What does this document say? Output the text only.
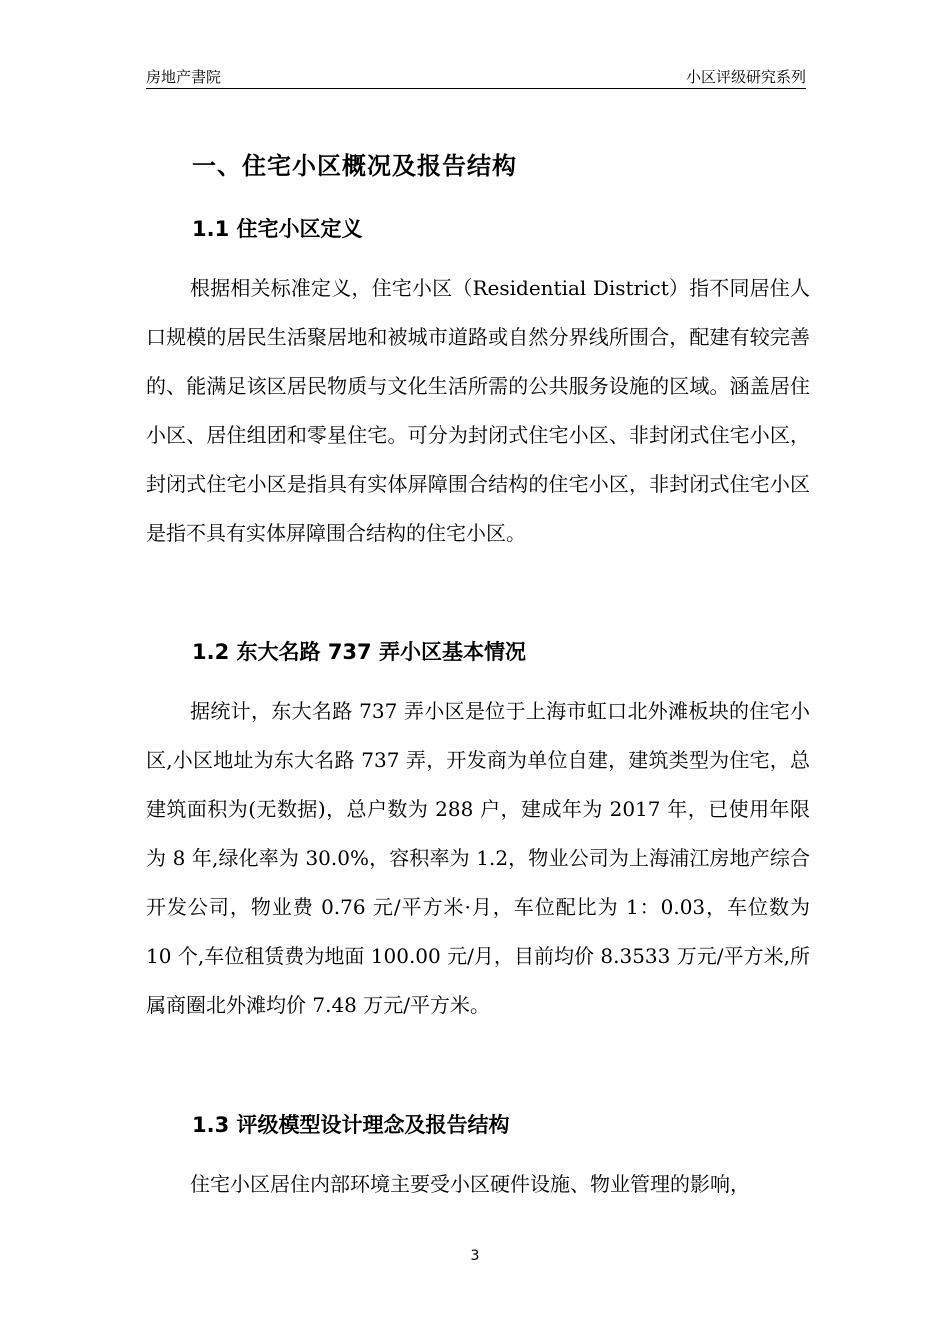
房地产書院	小区评级研究系列
一、住宅小区概况及报告结构
1.1 住宅小区定义

根据相关标准定义，住宅小区（Residential District）指不同居住人口规模的居民生活聚居地和被城市道路或自然分界线所围合，配建有较完善的、能满足该区居民物质与文化生活所需的公共服务设施的区域。涵盖居住小区、居住组团和零星住宅。可分为封闭式住宅小区、非封闭式住宅小区，封闭式住宅小区是指具有实体屏障围合结构的住宅小区，非封闭式住宅小区是指不具有实体屏障围合结构的住宅小区。

1.2 东大名路 737 弄小区基本情况

据统计，东大名路 737 弄小区是位于上海市虹口北外滩板块的住宅小区,小区地址为东大名路 737 弄，开发商为单位自建，建筑类型为住宅，总建筑面积为(无数据)，总户数为 288 户，建成年为 2017 年，已使用年限为 8 年,绿化率为 30.0%，容积率为 1.2，物业公司为上海浦江房地产综合开发公司，物业费 0.76 元/平方米·月，车位配比为 1：0.03，车位数为 10 个,车位租赁费为地面 100.00 元/月，目前均价 8.3533 万元/平方米,所属商圈北外滩均价 7.48 万元/平方米。

1.3 评级模型设计理念及报告结构

住宅小区居住内部环境主要受小区硬件设施、物业管理的影响，

3
